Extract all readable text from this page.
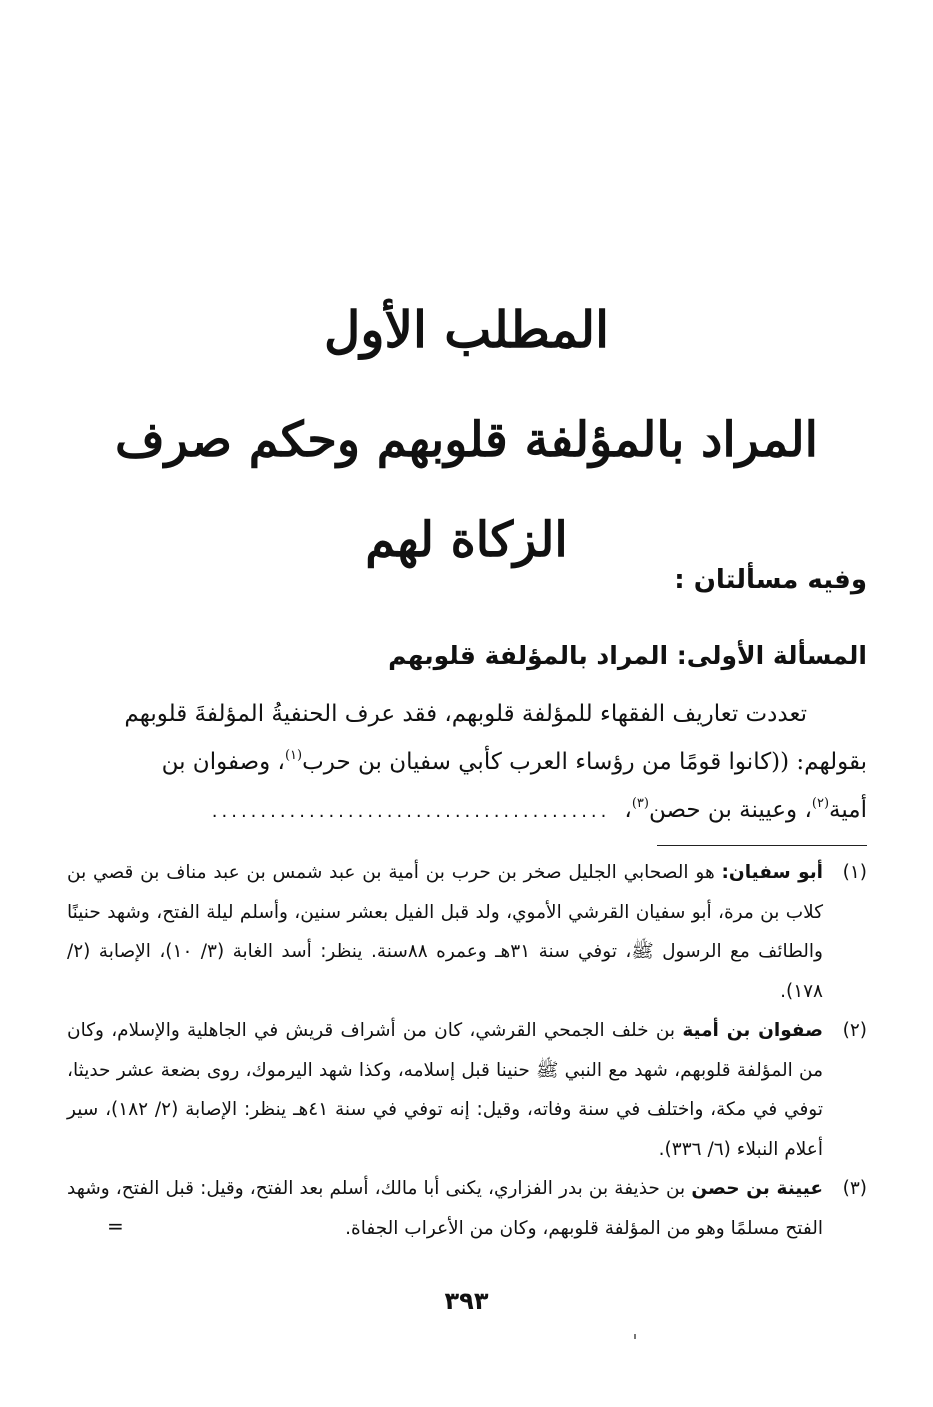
المطلب الأول
المراد بالمؤلفة قلوبهم وحكم صرف الزكاة لهم
وفيه مسألتان :
المسألة الأولى: المراد بالمؤلفة قلوبهم
تعددت تعاريف الفقهاء للمؤلفة قلوبهم، فقد عرف الحنفيةُ المؤلفةَ قلوبهم
بقولهم: ((كانوا قومًا من رؤساء العرب كأبي سفيان بن حرب$^{(١)}$، وصفوان بن
أمية$^{(٢)}$، وعيينة بن حصن$^{(٣)}$،
.........................................
(١)
أبو سفيان: هو الصحابي الجليل صخر بن حرب بن أمية بن عبد شمس بن عبد مناف بن قصي بن كلاب بن مرة، أبو سفيان القرشي الأموي، ولد قبل الفيل بعشر سنين، وأسلم ليلة الفتح، وشهد حنينًا والطائف مع الرسول ﷺ، توفي سنة ٣١هـ وعمره ٨٨سنة. ينظر: أسد الغابة (٣/ ١٠)، الإصابة (٢/ ١٧٨).
(٢)
صفوان بن أمية بن خلف الجمحي القرشي، كان من أشراف قريش في الجاهلية والإسلام، وكان من المؤلفة قلوبهم، شهد مع النبي ﷺ حنينا قبل إسلامه، وكذا شهد اليرموك، روى بضعة عشر حديثا، توفي في مكة، واختلف في سنة وفاته، وقيل: إنه توفي في سنة ٤١هـ ينظر: الإصابة (٢/ ١٨٢)، سير أعلام النبلاء (٦/ ٣٣٦).
(٣)
عيينة بن حصن بن حذيفة بن بدر الفزاري، يكنى أبا مالك، أسلم بعد الفتح، وقيل: قبل الفتح، وشهد الفتح مسلمًا وهو من المؤلفة قلوبهم، وكان من الأعراب الجفاة.
=
٣٩٣
